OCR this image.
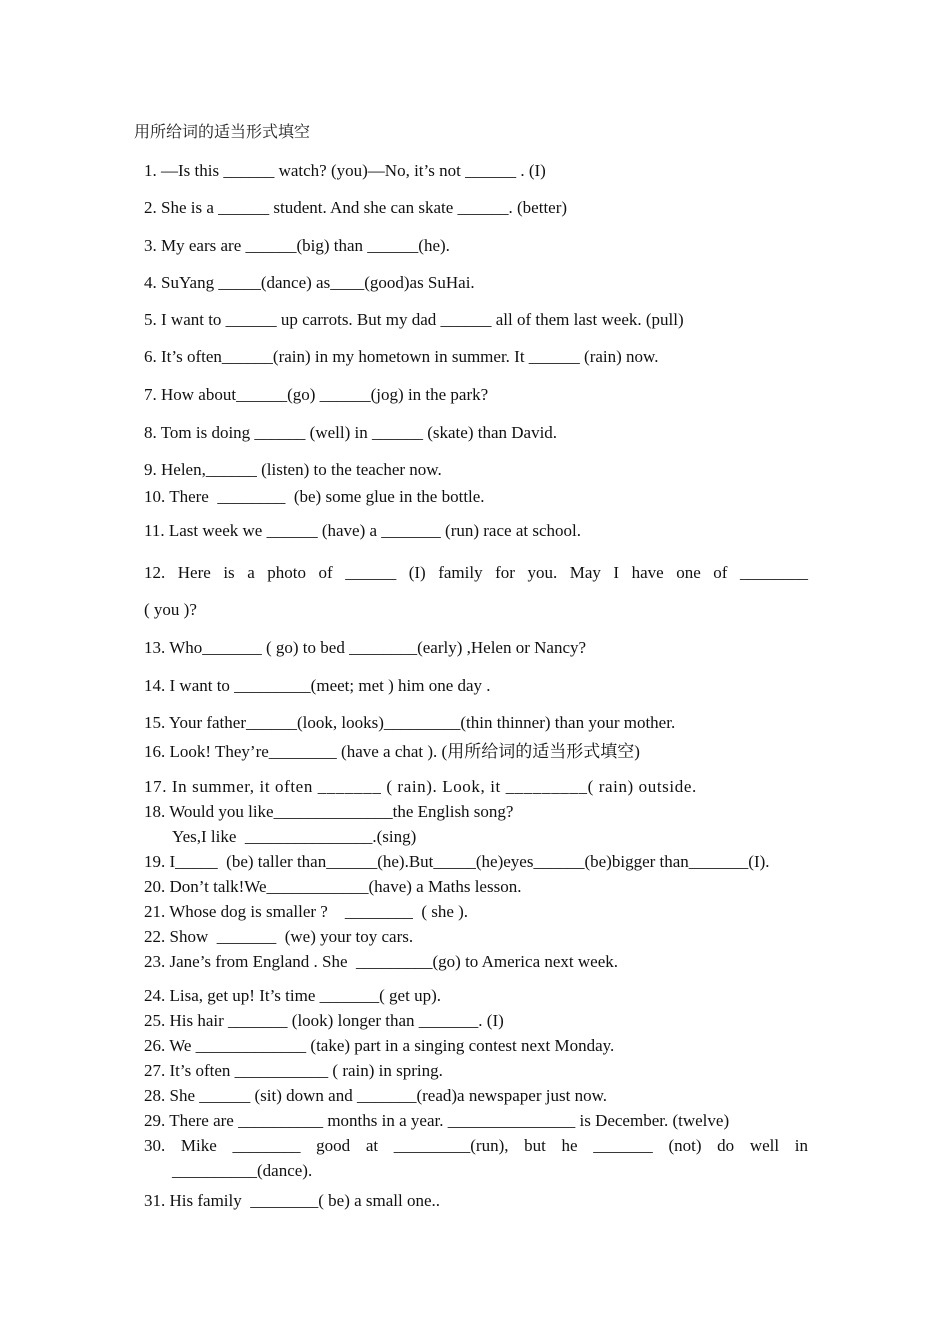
用所给词的适当形式填空
1. —Is this ______ watch? (you)—No, it’s not ______ . (I)
2. She is a ______ student. And she can skate ______. (better)
3. My ears are ______(big) than ______(he).
4. SuYang _____(dance) as____(good)as SuHai.
5. I want to ______ up carrots. But my dad ______ all of them last week. (pull)
6. It’s often______(rain) in my hometown in summer. It ______ (rain) now.
7. How about______(go) ______(jog) in the park?
8. Tom is doing ______ (well) in ______ (skate) than David.
9. Helen,______ (listen) to the teacher now.
10. There  ________  (be) some glue in the bottle.
11. Last week we ______ (have) a _______ (run) race at school.
12. Here is a photo of ______ (I) family for you. May I have one of ________
( you )?
13. Who_______ ( go) to bed ________(early) ,Helen or Nancy?
14. I want to _________(meet; met ) him one day .
15. Your father______(look, looks)_________(thin thinner) than your mother.
16. Look! They’re________ (have a chat ). (用所给词的适当形式填空)
17. In summer, it often _______ ( rain). Look, it _________( rain) outside.
18. Would you like______________the English song?
Yes,I like  _______________.(sing)
19. I_____  (be) taller than______(he).But_____(he)eyes______(be)bigger than_______(I).
20. Don’t talk!We____________(have) a Maths lesson.
21. Whose dog is smaller ?    ________  ( she ).
22. Show  _______  (we) your toy cars.
23. Jane’s from England . She  _________(go) to America next week.
24. Lisa, get up! It’s time _______( get up).
25. His hair _______ (look) longer than _______. (I)
26. We _____________ (take) part in a singing contest next Monday.
27. It’s often ___________ ( rain) in spring.
28. She ______ (sit) down and _______(read)a newspaper just now.
29. There are __________ months in a year. _______________ is December. (twelve)
30. Mike ________ good at _________(run), but he _______ (not) do well in
__________(dance).
31. His family  ________( be) a small one..
